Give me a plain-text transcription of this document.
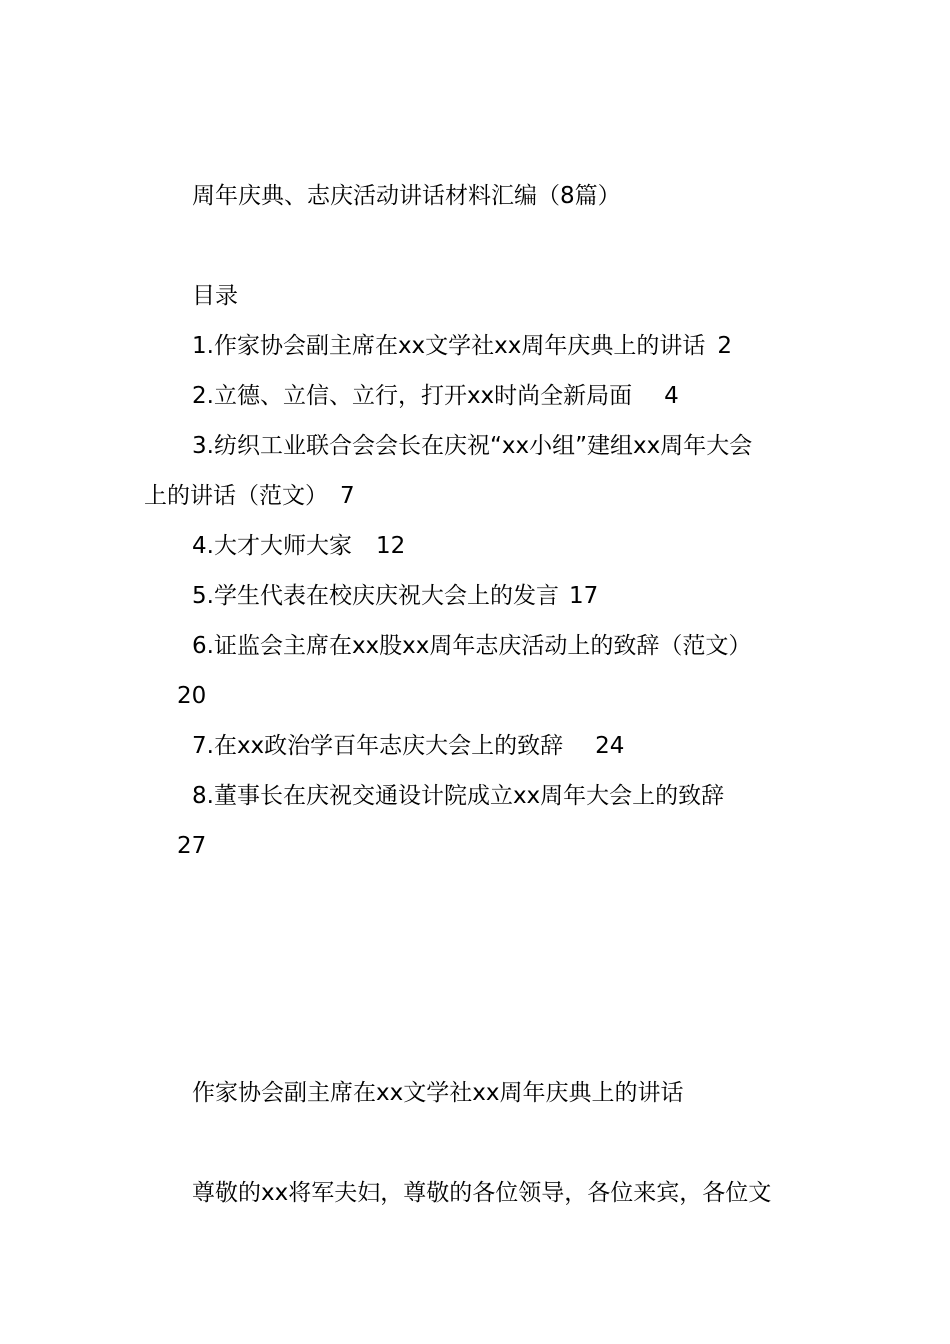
周年庆典、志庆活动讲话材料汇编（8篇）
目录
1.作家协会副主席在xx文学社xx周年庆典上的讲话 2
2.立德、立信、立行，打开xx时尚全新局面 4
3.纺织工业联合会会长在庆祝“xx小组”建组xx周年大会
上的讲话（范文） 7
4.大才大师大家 12
5.学生代表在校庆庆祝大会上的发言 17
6.证监会主席在xx股xx周年志庆活动上的致辞（范文）
20
7.在xx政治学百年志庆大会上的致辞 24
8.董事长在庆祝交通设计院成立xx周年大会上的致辞
27
作家协会副主席在xx文学社xx周年庆典上的讲话
尊敬的xx将军夫妇，尊敬的各位领导，各位来宾，各位文
